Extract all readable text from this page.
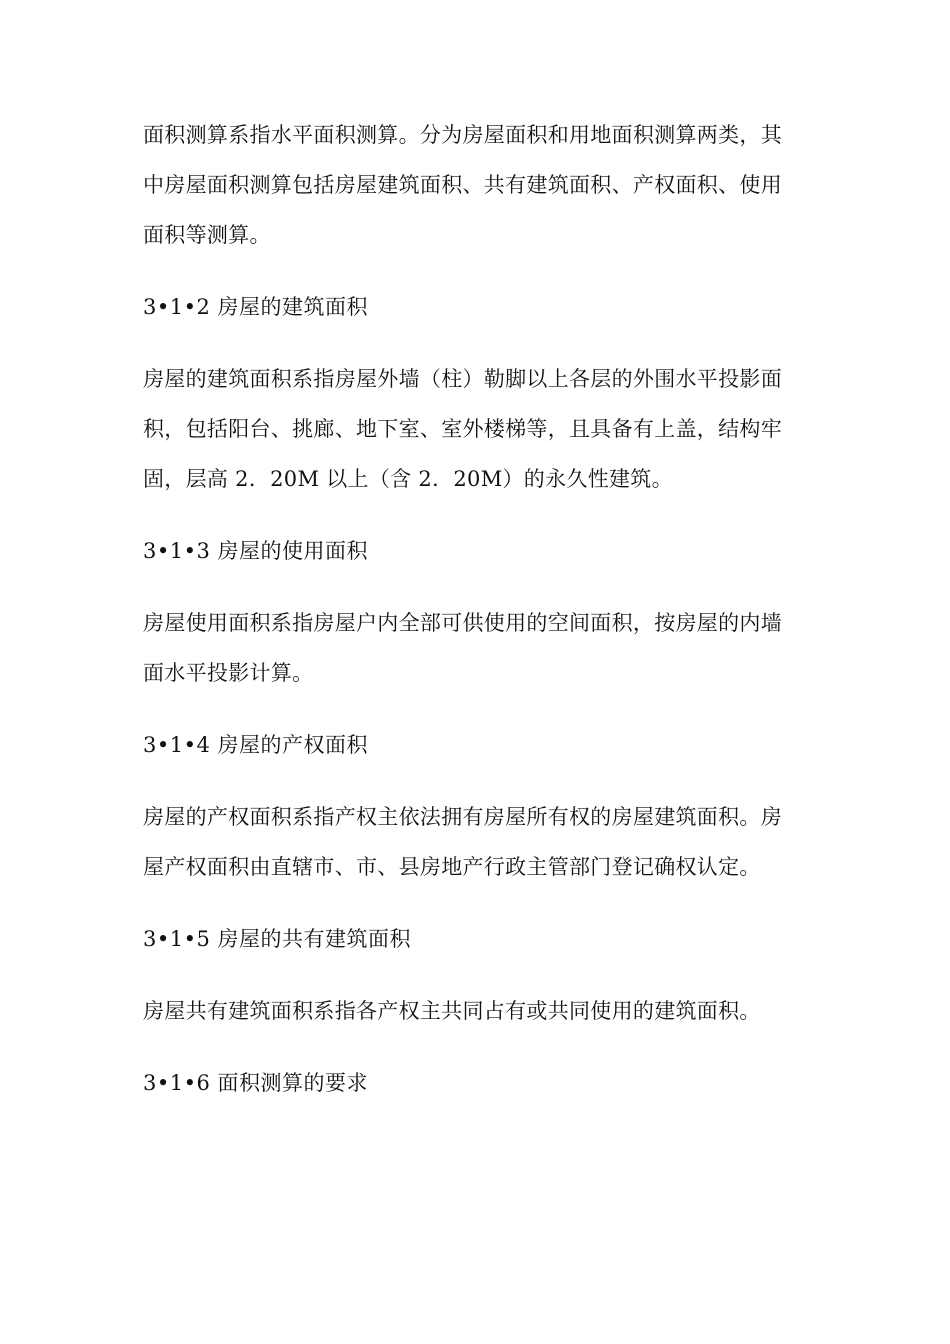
面积测算系指水平面积测算。分为房屋面积和用地面积测算两类，其
中房屋面积测算包括房屋建筑面积、共有建筑面积、产权面积、使用
面积等测算。
3•1•2 房屋的建筑面积
房屋的建筑面积系指房屋外墙（柱）勒脚以上各层的外围水平投影面
积，包括阳台、挑廊、地下室、室外楼梯等，且具备有上盖，结构牢
固，层高 2．20M 以上（含 2．20M）的永久性建筑。
3•1•3 房屋的使用面积
房屋使用面积系指房屋户内全部可供使用的空间面积，按房屋的内墙
面水平投影计算。
3•1•4 房屋的产权面积
房屋的产权面积系指产权主依法拥有房屋所有权的房屋建筑面积。房
屋产权面积由直辖市、市、县房地产行政主管部门登记确权认定。
3•1•5 房屋的共有建筑面积
房屋共有建筑面积系指各产权主共同占有或共同使用的建筑面积。
3•1•6 面积测算的要求
